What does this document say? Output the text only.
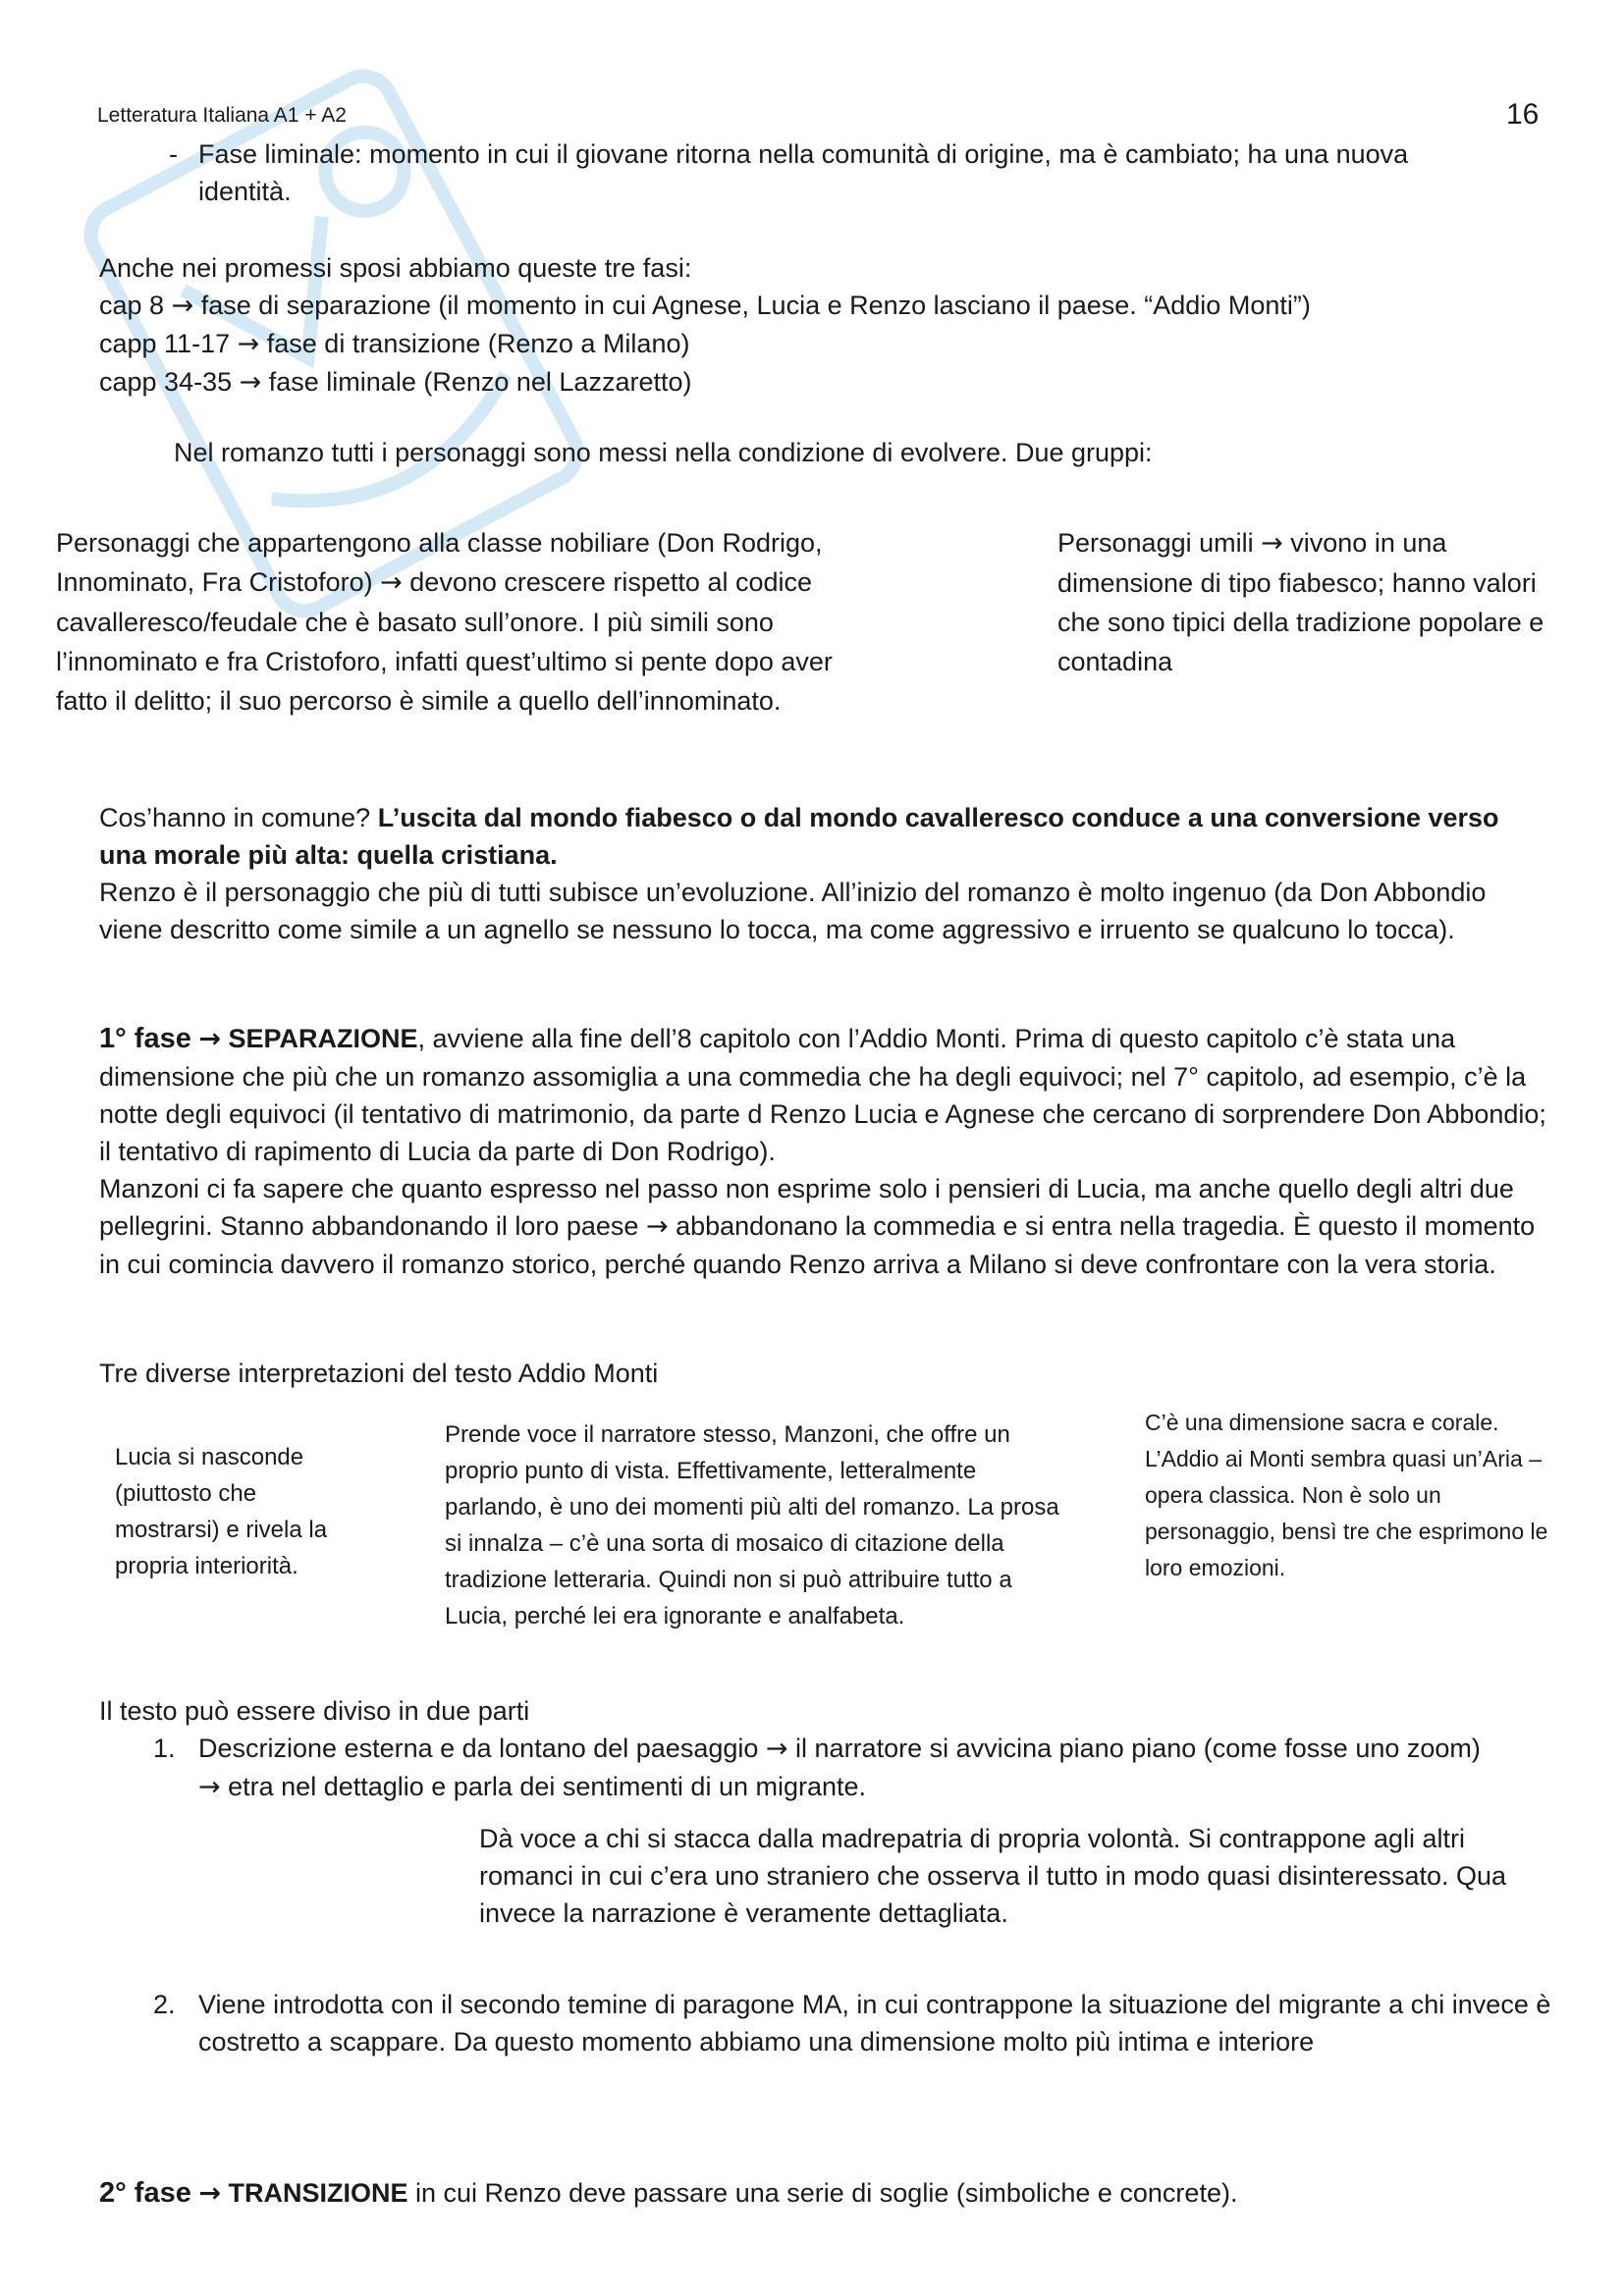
Letteratura Italiana A1 + A2	16
- Fase liminale: momento in cui il giovane ritorna nella comunità di origine, ma è cambiato; ha una nuova identità.

Anche nei promessi sposi abbiamo queste tre fasi:

cap 8 → fase di separazione (il momento in cui Agnese, Lucia e Renzo lasciano il paese. “Addio Monti”)

capp 11-17 → fase di transizione (Renzo a Milano)

capp 34-35 → fase liminale (Renzo nel Lazzaretto)

Nel romanzo tutti i personaggi sono messi nella condizione di evolvere. Due gruppi:
Personaggi che appartengono alla classe nobiliare (Don Rodrigo, Innominato, Fra Cristoforo) → devono crescere rispetto al codice cavalleresco/feudale che è basato sull’onore. I più simili sono l’innominato e fra Cristoforo, infatti quest’ultimo si pente dopo aver fatto il delitto; il suo percorso è simile a quello dell’innominato.
Personaggi umili → vivono in una dimensione di tipo fiabesco; hanno valori che sono tipici della tradizione popolare e contadina

Cos’hanno in comune? L’uscita dal mondo fiabesco o dal mondo cavalleresco conduce a una conversione verso una morale più alta: quella cristiana.

Renzo è il personaggio che più di tutti subisce un’evoluzione. All’inizio del romanzo è molto ingenuo (da Don Abbondio viene descritto come simile a un agnello se nessuno lo tocca, ma come aggressivo e irruento se qualcuno lo tocca).

1° fase → SEPARAZIONE, avviene alla fine dell’8 capitolo con l’Addio Monti. Prima di questo capitolo c’è stata una dimensione che più che un romanzo assomiglia a una commedia che ha degli equivoci; nel 7° capitolo, ad esempio, c’è la notte degli equivoci (il tentativo di matrimonio, da parte d Renzo Lucia e Agnese che cercano di sorprendere Don Abbondio; il tentativo di rapimento di Lucia da parte di Don Rodrigo).

Manzoni ci fa sapere che quanto espresso nel passo non esprime solo i pensieri di Lucia, ma anche quello degli altri due pellegrini. Stanno abbandonando il loro paese → abbandonano la commedia e si entra nella tragedia. È questo il momento in cui comincia davvero il romanzo storico, perché quando Renzo arriva a Milano si deve confrontare con la vera storia.

Tre diverse interpretazioni del testo Addio Monti
Lucia si nasconde (piuttosto che mostrarsi) e rivela la propria interiorità.
Prende voce il narratore stesso, Manzoni, che offre un proprio punto di vista. Effettivamente, letteralmente parlando, è uno dei momenti più alti del romanzo. La prosa si innalza – c’è una sorta di mosaico di citazione della tradizione letteraria. Quindi non si può attribuire tutto a Lucia, perché lei era ignorante e analfabeta.
C’è una dimensione sacra e corale. L’Addio ai Monti sembra quasi un’Aria – opera classica. Non è solo un personaggio, bensì tre che esprimono le loro emozioni.
Il testo può essere diviso in due parti
1. Descrizione esterna e da lontano del paesaggio → il narratore si avvicina piano piano (come fosse uno zoom)

→ etra nel dettaglio e parla dei sentimenti di un migrante.

Dà voce a chi si stacca dalla madrepatria di propria volontà. Si contrappone agli altri romanci in cui c’era uno straniero che osserva il tutto in modo quasi disinteressato. Qua invece la narrazione è veramente dettagliata.
2. Viene introdotta con il secondo temine di paragone MA, in cui contrappone la situazione del migrante a chi invece è costretto a scappare. Da questo momento abbiamo una dimensione molto più intima e interiore
2° fase → TRANSIZIONE in cui Renzo deve passare una serie di soglie (simboliche e concrete).
